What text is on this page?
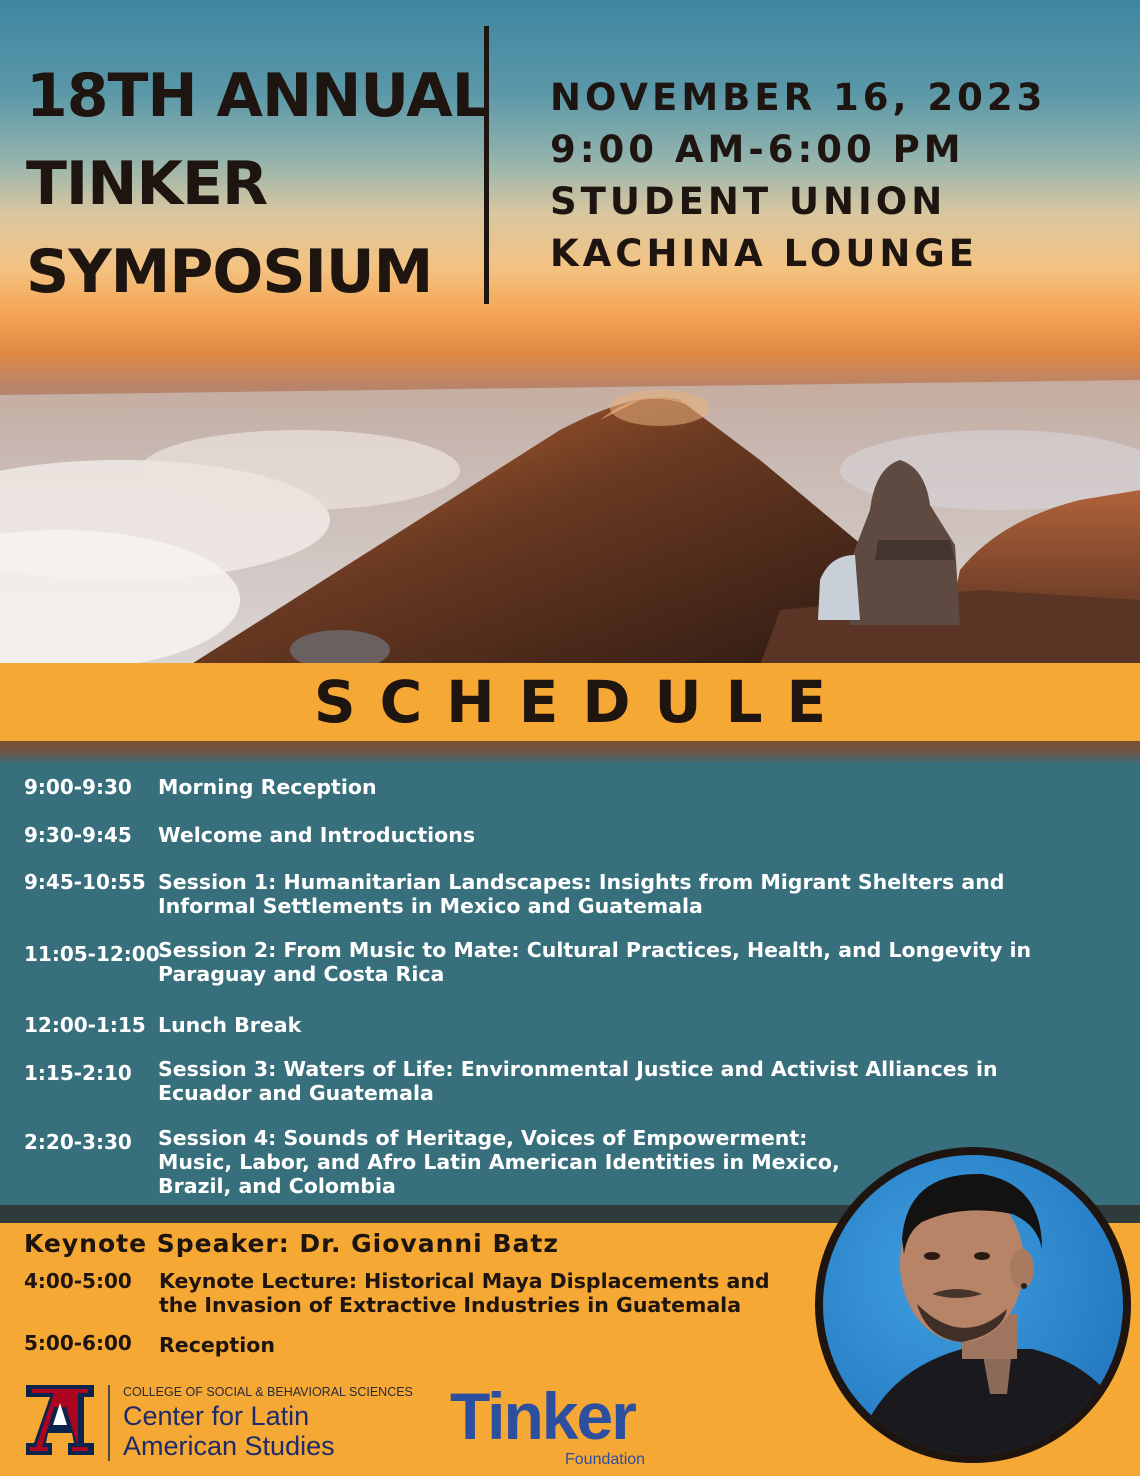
18TH ANNUAL
TINKER
SYMPOSIUM
NOVEMBER 16, 2023
9:00 AM-6:00 PM
STUDENT UNION
KACHINA LOUNGE
SCHEDULE
9:00-9:30 Morning Reception
9:30-9:45 Welcome and Introductions
9:45-10:55 Session 1: Humanitarian Landscapes: Insights from Migrant Shelters and Informal Settlements in Mexico and Guatemala
11:05-12:00
Session 2: From Music to Mate: Cultural Practices, Health, and Longevity in Paraguay and Costa Rica
12:00-1:15 Lunch Break
1:15-2:10 Session 3: Waters of Life: Environmental Justice and Activist Alliances in Ecuador and Guatemala
2:20-3:30 Session 4: Sounds of Heritage, Voices of Empowerment: Music, Labor, and Afro Latin American Identities in Mexico, Brazil, and Colombia
Keynote Speaker: Dr. Giovanni Batz
4:00-5:00 Keynote Lecture: Historical Maya Displacements and the Invasion of Extractive Industries in Guatemala
5:00-6:00 Reception
A
COLLEGE OF SOCIAL & BEHAVIORAL SCIENCES
Center for Latin
American Studies Tinker
Foundation
